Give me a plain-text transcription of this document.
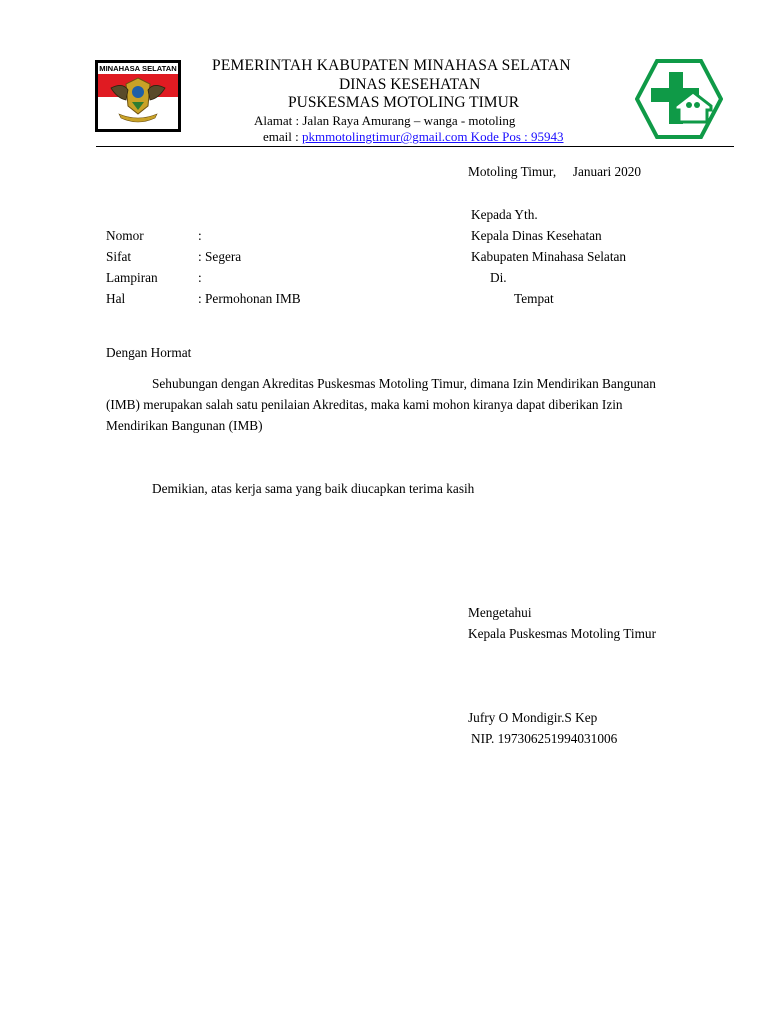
MINAHASA SELATAN PEMERINTAH KABUPATEN MINAHASA SELATAN
DINAS KESEHATAN
PUSKESMAS MOTOLING TIMUR
Alamat : Jalan Raya Amurang – wanga - motoling
email : pkmmotolingtimur@gmail.com Kode Pos : 95943
Motoling Timur,     Januari 2020
Kepada Yth.
Kepala Dinas Kesehatan
Kabupaten Minahasa Selatan
Di.
Tempat
Nomor	:
Sifat	: Segera
Lampiran	:
Hal	: Permohonan IMB
Dengan Hormat
Sehubungan dengan Akreditas Puskesmas Motoling Timur, dimana Izin Mendirikan Bangunan
(IMB) merupakan salah satu penilaian Akreditas, maka kami mohon kiranya dapat diberikan Izin
Mendirikan Bangunan (IMB)
Demikian, atas kerja sama yang baik diucapkan terima kasih
Mengetahui
Kepala Puskesmas Motoling Timur
Jufry O Mondigir.S Kep
NIP. 197306251994031006
